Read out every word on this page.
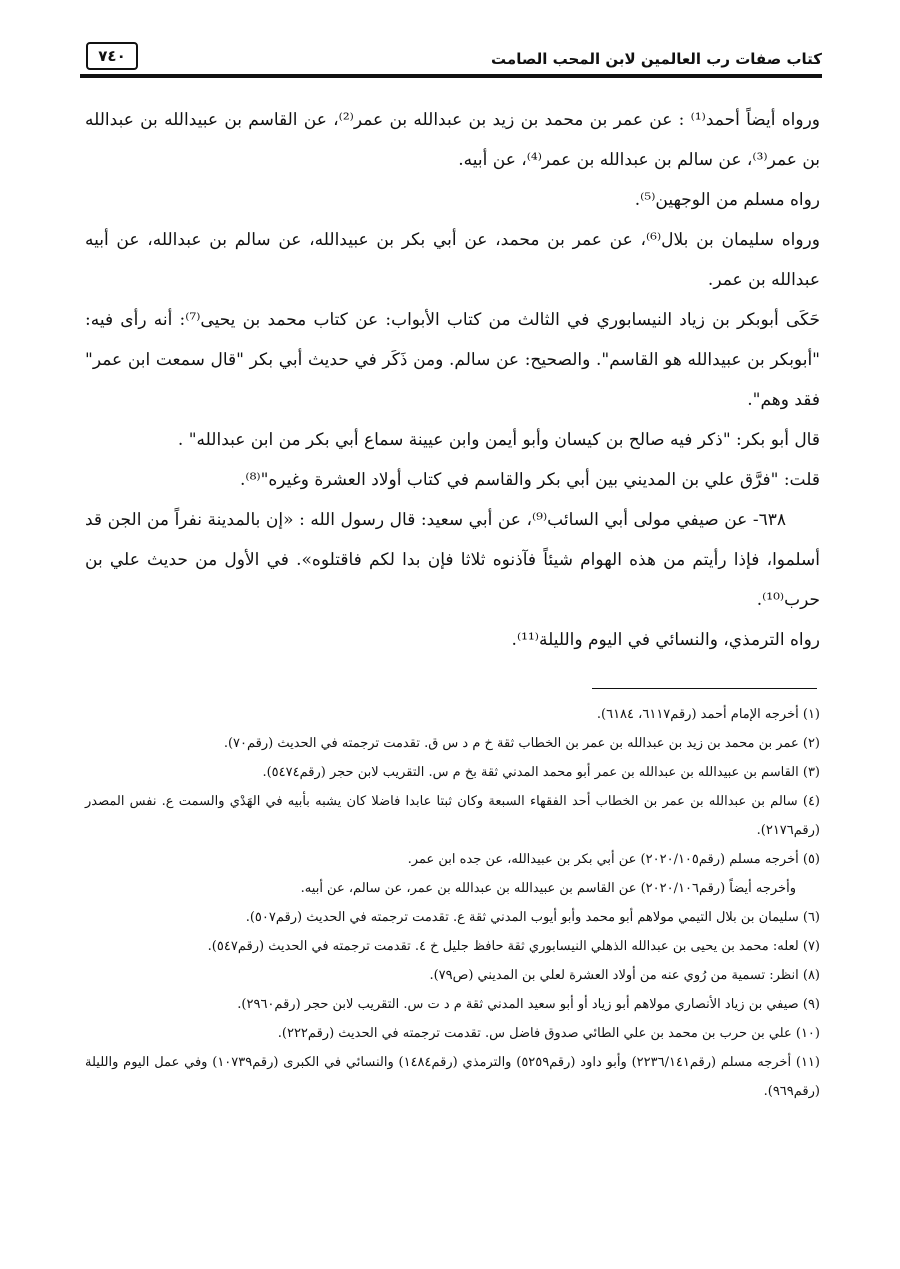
كتاب صفات رب العالمين لابن المحب الصامت
٧٤٠

ورواه أيضاً أحمد⁽¹⁾ : عن عمر بن محمد بن زيد بن عبدالله بن عمر⁽²⁾، عن القاسم بن عبيدالله بن عبدالله بن عمر⁽³⁾، عن سالم بن عبدالله بن عمر⁽⁴⁾، عن أبيه.

رواه مسلم من الوجهين⁽⁵⁾.

ورواه سليمان بن بلال⁽⁶⁾، عن عمر بن محمد، عن أبي بكر بن عبيدالله، عن سالم بن عبدالله، عن أبيه عبدالله بن عمر.

حَكَى أبوبكر بن زياد النيسابوري في الثالث من كتاب الأبواب: عن كتاب محمد بن يحيى⁽⁷⁾: أنه رأى فيه: "أبوبكر بن عبيدالله هو القاسم". والصحيح: عن سالم. ومن ذَكَر في حديث أبي بكر "قال سمعت ابن عمر" فقد وهم".

قال أبو بكر: "ذكر فيه صالح بن كيسان وأبو أيمن وابن عيينة سماع أبي بكر من ابن عبدالله" .

قلت: "فرَّق علي بن المديني بين أبي بكر والقاسم في كتاب أولاد العشرة وغيره"⁽⁸⁾.

٦٣٨- عن صيفي مولى أبي السائب⁽⁹⁾، عن أبي سعيد: قال رسول الله : «إن بالمدينة نفراً من الجن قد أسلموا، فإذا رأيتم من هذه الهوام شيئاً فآذنوه ثلاثا فإن بدا لكم فاقتلوه». في الأول من حديث علي بن حرب⁽¹⁰⁾.

رواه الترمذي، والنسائي في اليوم والليلة⁽¹¹⁾.

(١) أخرجه الإمام أحمد (رقم٦١١٧، ٦١٨٤).

(٢) عمر بن محمد بن زيد بن عبدالله بن عمر بن الخطاب ثقة خ م د س ق. تقدمت ترجمته في الحديث (رقم٧٠).

(٣) القاسم بن عبيدالله بن عبدالله بن عمر أبو محمد المدني ثقة بخ م س. التقريب لابن حجر (رقم٥٤٧٤).

(٤) سالم بن عبدالله بن عمر بن الخطاب أحد الفقهاء السبعة وكان ثبتا عابدا فاضلا كان يشبه بأبيه في الهَدْي والسمت ع. نفس المصدر (رقم٢١٧٦).

(٥) أخرجه مسلم (رقم٢٠٢٠/١٠٥) عن أبي بكر بن عبيدالله، عن جده ابن عمر.

وأخرجه أيضاً (رقم٢٠٢٠/١٠٦) عن القاسم بن عبيدالله بن عبدالله بن عمر، عن سالم، عن أبيه.

(٦) سليمان بن بلال التيمي مولاهم أبو محمد وأبو أيوب المدني ثقة ع. تقدمت ترجمته في الحديث (رقم٥٠٧).

(٧) لعله: محمد بن يحيى بن عبدالله الذهلي النيسابوري ثقة حافظ جليل خ ٤. تقدمت ترجمته في الحديث (رقم٥٤٧).

(٨) انظر: تسمية من رُوي عنه من أولاد العشرة لعلي بن المديني (ص٧٩).

(٩) صيفي بن زياد الأنصاري مولاهم أبو زياد أو أبو سعيد المدني ثقة م د ت س. التقريب لابن حجر (رقم٢٩٦٠).

(١٠) علي بن حرب بن محمد بن علي الطائي صدوق فاضل س. تقدمت ترجمته في الحديث (رقم٢٢٢).

(١١) أخرجه مسلم (رقم٢٢٣٦/١٤١) وأبو داود (رقم٥٢٥٩) والترمذي (رقم١٤٨٤) والنسائي في الكبرى (رقم١٠٧٣٩) وفي عمل اليوم والليلة (رقم٩٦٩).
